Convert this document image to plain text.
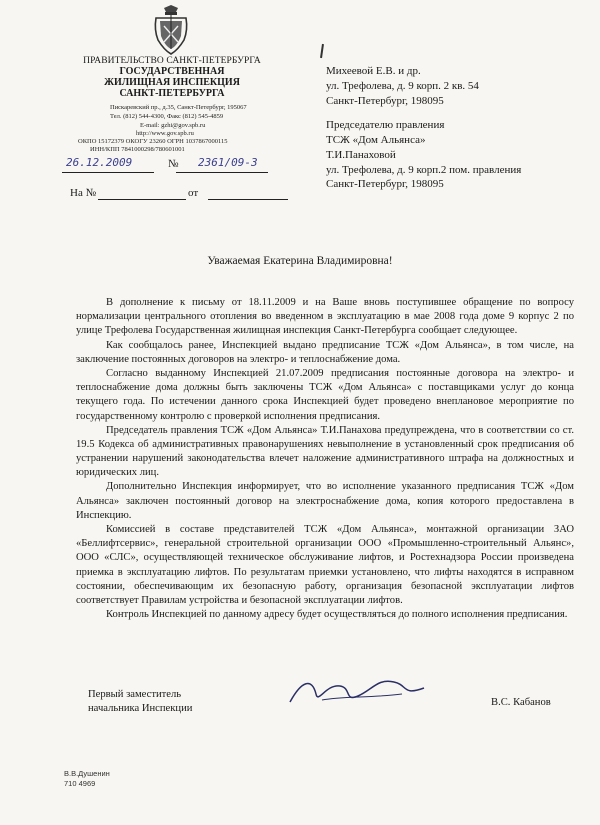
ПРАВИТЕЛЬСТВО САНКТ-ПЕТЕРБУРГА
ГОСУДАРСТВЕННАЯ
ЖИЛИЩНАЯ ИНСПЕКЦИЯ
САНКТ-ПЕТЕРБУРГА
Пискаревский пр., д.35, Санкт-Петербург, 195067
Тел. (812) 544-4300, Факс (812) 545-4859
E-mail: gzhi@gov.spb.ru
http://www.gov.spb.ru
ОКПО 15172379 ОКОГУ 23260 ОГРН 1037867000115
ИНН/КПП 7841000298/780601001
26.12.2009	№ 2361/09-3
На №	от
Михеевой Е.В. и др.
ул. Трефолева, д. 9 корп. 2 кв. 54
Санкт-Петербург, 198095
Председателю правления
ТСЖ «Дом Альянса»
Т.И.Панаховой
ул. Трефолева, д. 9 корп.2 пом. правления
Санкт-Петербург, 198095
Уважаемая Екатерина Владимировна!

В дополнение к письму от 18.11.2009 и на Ваше вновь поступившее обращение по вопросу нормализации центрального отопления во введенном в эксплуатацию в мае 2008 года доме 9 корпус 2 по улице Трефолева Государственная жилищная инспекция Санкт-Петербурга сообщает следующее.

Как сообщалось ранее, Инспекцией выдано предписание ТСЖ «Дом Альянса», в том числе, на заключение постоянных договоров на электро- и теплоснабжение дома.

Согласно выданному Инспекцией 21.07.2009 предписания постоянные договора на электро- и теплоснабжение дома должны быть заключены ТСЖ «Дом Альянса» с поставщиками услуг до конца текущего года. По истечении данного срока Инспекцией будет проведено внеплановое мероприятие по государственному контролю с проверкой исполнения предписания.

Председатель правления ТСЖ «Дом Альянса» Т.И.Панахова предупреждена, что в соответствии со ст. 19.5 Кодекса об административных правонарушениях невыполнение в установленный срок предписания об устранении нарушений законодательства влечет наложение административного штрафа на должностных и юридических лиц.

Дополнительно Инспекция информирует, что во исполнение указанного предписания ТСЖ «Дом Альянса» заключен постоянный договор на электроснабжение дома, копия которого предоставлена в Инспекцию.

Комиссией в составе представителей ТСЖ «Дом Альянса», монтажной организации ЗАО «Беллифтсервис», генеральной строительной организации ООО «Промышленно-строительный Альянс», ООО «СЛС», осуществляющей техническое обслуживание лифтов, и Ростехнадзора России произведена приемка в эксплуатацию лифтов. По результатам приемки установлено, что лифты находятся в исправном состоянии, обеспечивающим их безопасную работу, организация безопасной эксплуатации лифтов соответствует Правилам устройства и безопасной эксплуатации лифтов.

Контроль Инспекцией по данному адресу будет осуществляться до полного исполнения предписания.

Первый заместитель
начальника Инспекции
В.С. Кабанов
В.В.Душенин
710 4969
